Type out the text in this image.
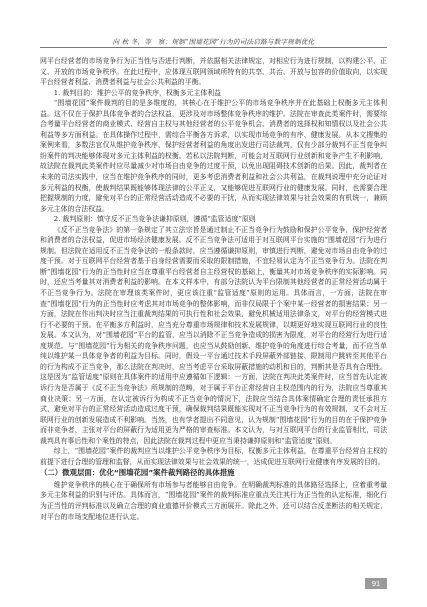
向 秋 冬，等　察：规制“围墙花园”行为的司法启路与数字规制优化

网平台经营者的市场竞争行为正当性与否进行判断，并依据相关法律规定，对相应行为进行规制，以构建公平、正义、开放的市场竞争秩序。在此过程中，应体现互联网领域所特有的共享、共治、开放与包容的价值取向，以实现平台经营者利益、消费者利益与社会公共利益的平衡。

1. 裁判目的：维护公平的竞争秩序，权衡多元主体利益

“围墙花园”案件裁判的目的是多维度的，其核心在于维护公平的市场竞争秩序并在此基础上权衡多元主体利益。这不仅在于保护具体竞争者的合法权益，更涉及对市场整体竞争秩序的维护。法院在审查此类案件时，需要综合考量平台经营者的商业模式、经营自主权与其他经营者的公平竞争机会、消费者的选择权和知情权以及社会公共利益等多方面利益。在具体操作过程中，需综合平衡各方诉求，以实现市场竞争的有序、健康发展。从本文搜集的案例来看，多数法官仅从维护竞争秩序、保护经营者利益的角度出发进行司法裁判，仅有少部分裁判不正当竞争纠纷案件的判决能够体现对多元主体利益的权衡。若私以法院判断，可能会对互联网行业创新和竞争产生不利影响，故法院在裁判此类案件时应尽量减少对市场自由竞争的过度干预，以免出现阻碍技术创新的后果。因此，裁判者在未来的司法实践中，应当在维护竞争秩序的同时，更多考虑消费者利益和社会公共利益，在裁判说理中充分论证对多元利益的权衡，使裁判结果既能够体现法律的公平正义，又能够促进互联网行业的健康发展。同时，也需要合理把握规制的力度，避免对平台的正常经营活动造成不必要的干扰，从而实现法律效果与社会效果的有机统一，兼顾多元主体的合法权益。

2. 裁判原则：慎守反不正当竞争法谦抑原则，遵循“监管适度”原则

《反不正当竞争法》的第一条规定了其立法宗旨是通过制止不正当竞争行为鼓励和保护公平竞争，保护经营者和消费者的合法权益，促进市场经济健康发展。反不正当竞争法可适用于对互联网平台实施的“围墙花园”行为进行规制。但法院在适用反不正当竞争法的一般条款时，应当遵循谦抑原则，审慎进行判断，避免对市场自由竞争的过度干预。对于互联网平台经营者基于自身经营需要而采取的限制措施，不宜轻易认定为不正当竞争行为。法院在判断“围墙花园”行为的正当性时应当在尊重平台经营者自主经营权的基础上，衡量其对市场竞争秩序的实际影响。同时，还应当考量其对消费者利益的影响。在本文样本中，有部分法院认为平台限制其他经营者的正常经营活动属于不正当竞争行为。法院在审理该类案件时，更应该注重“监管适度”原则的运用。具体而言，一方面，法院在审查“围墙花园”行为的正当性时应考虑其对市场竞争的整体影响，而非仅局限于个案中某一经营者的损害结果；另一方面，法院在作出判决时应当注重裁判结果的可执行性和社会效果，避免机械适用法律条文，对平台的经营模式进行不必要的干预。在平衡多方利益时，应当充分尊重市场规律和技术发展规律，以期更好地实现互联网行业的良性发展。本文认为，对“围墙花园”平台的监管，应当以消除不正当竞争造成的损害为限度，对平台的经营行为进行适度规范。与“围墙花园”行为相关的竞争秩序问题，也应当从鼓励创新、维护竞争的角度进行综合考量，而不应当单纯以维护某一具体竞争者的利益为目标。同时，假设一平台通过技术手段屏蔽外部链接、限制用户跳转至其他平台的行为构成不正当竞争，那么法院在判决时，应当考虑平台采取屏蔽措施的动机和目的，判断其是否具有合理性。这是因为“监管适度”原则在具体案件的适用中应遵循如下逻辑：一方面，法院在判决此类案件时，应当首先认定被诉行为是否属于《反不正当竞争法》所规制的范畴，对于属于平台正常经营自主权范围内的行为，法院应当尊重其商业决策；另一方面，在认定被诉行为构成不正当竞争的情况下，法院应当结合具体案情确定合理的责任承担方式，避免对平台的正常经营活动造成过度干预，确保裁判结果既能实现对不正当竞争行为的有效规制，又不会对互联网行业的创新发展造成不利影响。当然，也有学者提出不同意见，认为规制“围墙花园”行为的目的在于保护竞争而非竞争者，主张对平台的屏蔽行为适用更为严格的审查标准。本文认为，与对互联网平台的行业监管相比，司法裁判具有事后性和个案性的特点，因此法院在裁判过程中更应当秉持谦抑原则和“监管适度”原则。

综上，“围墙花园”案件的裁判应当以维护公平竞争秩序为目标，权衡多元主体利益，在尊重平台经营自主权的前提下进行合理的管理和监督，从而实现法律效果与社会效果的统一，达成促进互联网行业健康有序发展的目的。

（二）微观层面：优化“围墙花园”案件裁判路径的具体措施

维护竞争秩序的核心在于确保所有市场参与者能够自由竞争。在明确裁判标准的具体路径选择上，应着重考量多元主体利益的识别与评估。具体而言，“围墙花园”案件的裁判标准应重点关注其行为正当性的认定标准，细化行为正当性的评判标准以及确立合理的商业道德评价模式三方面展开。除此之外，还可以结合反垄断法的相关规定，对平台的市场支配地位进行认定。

91
